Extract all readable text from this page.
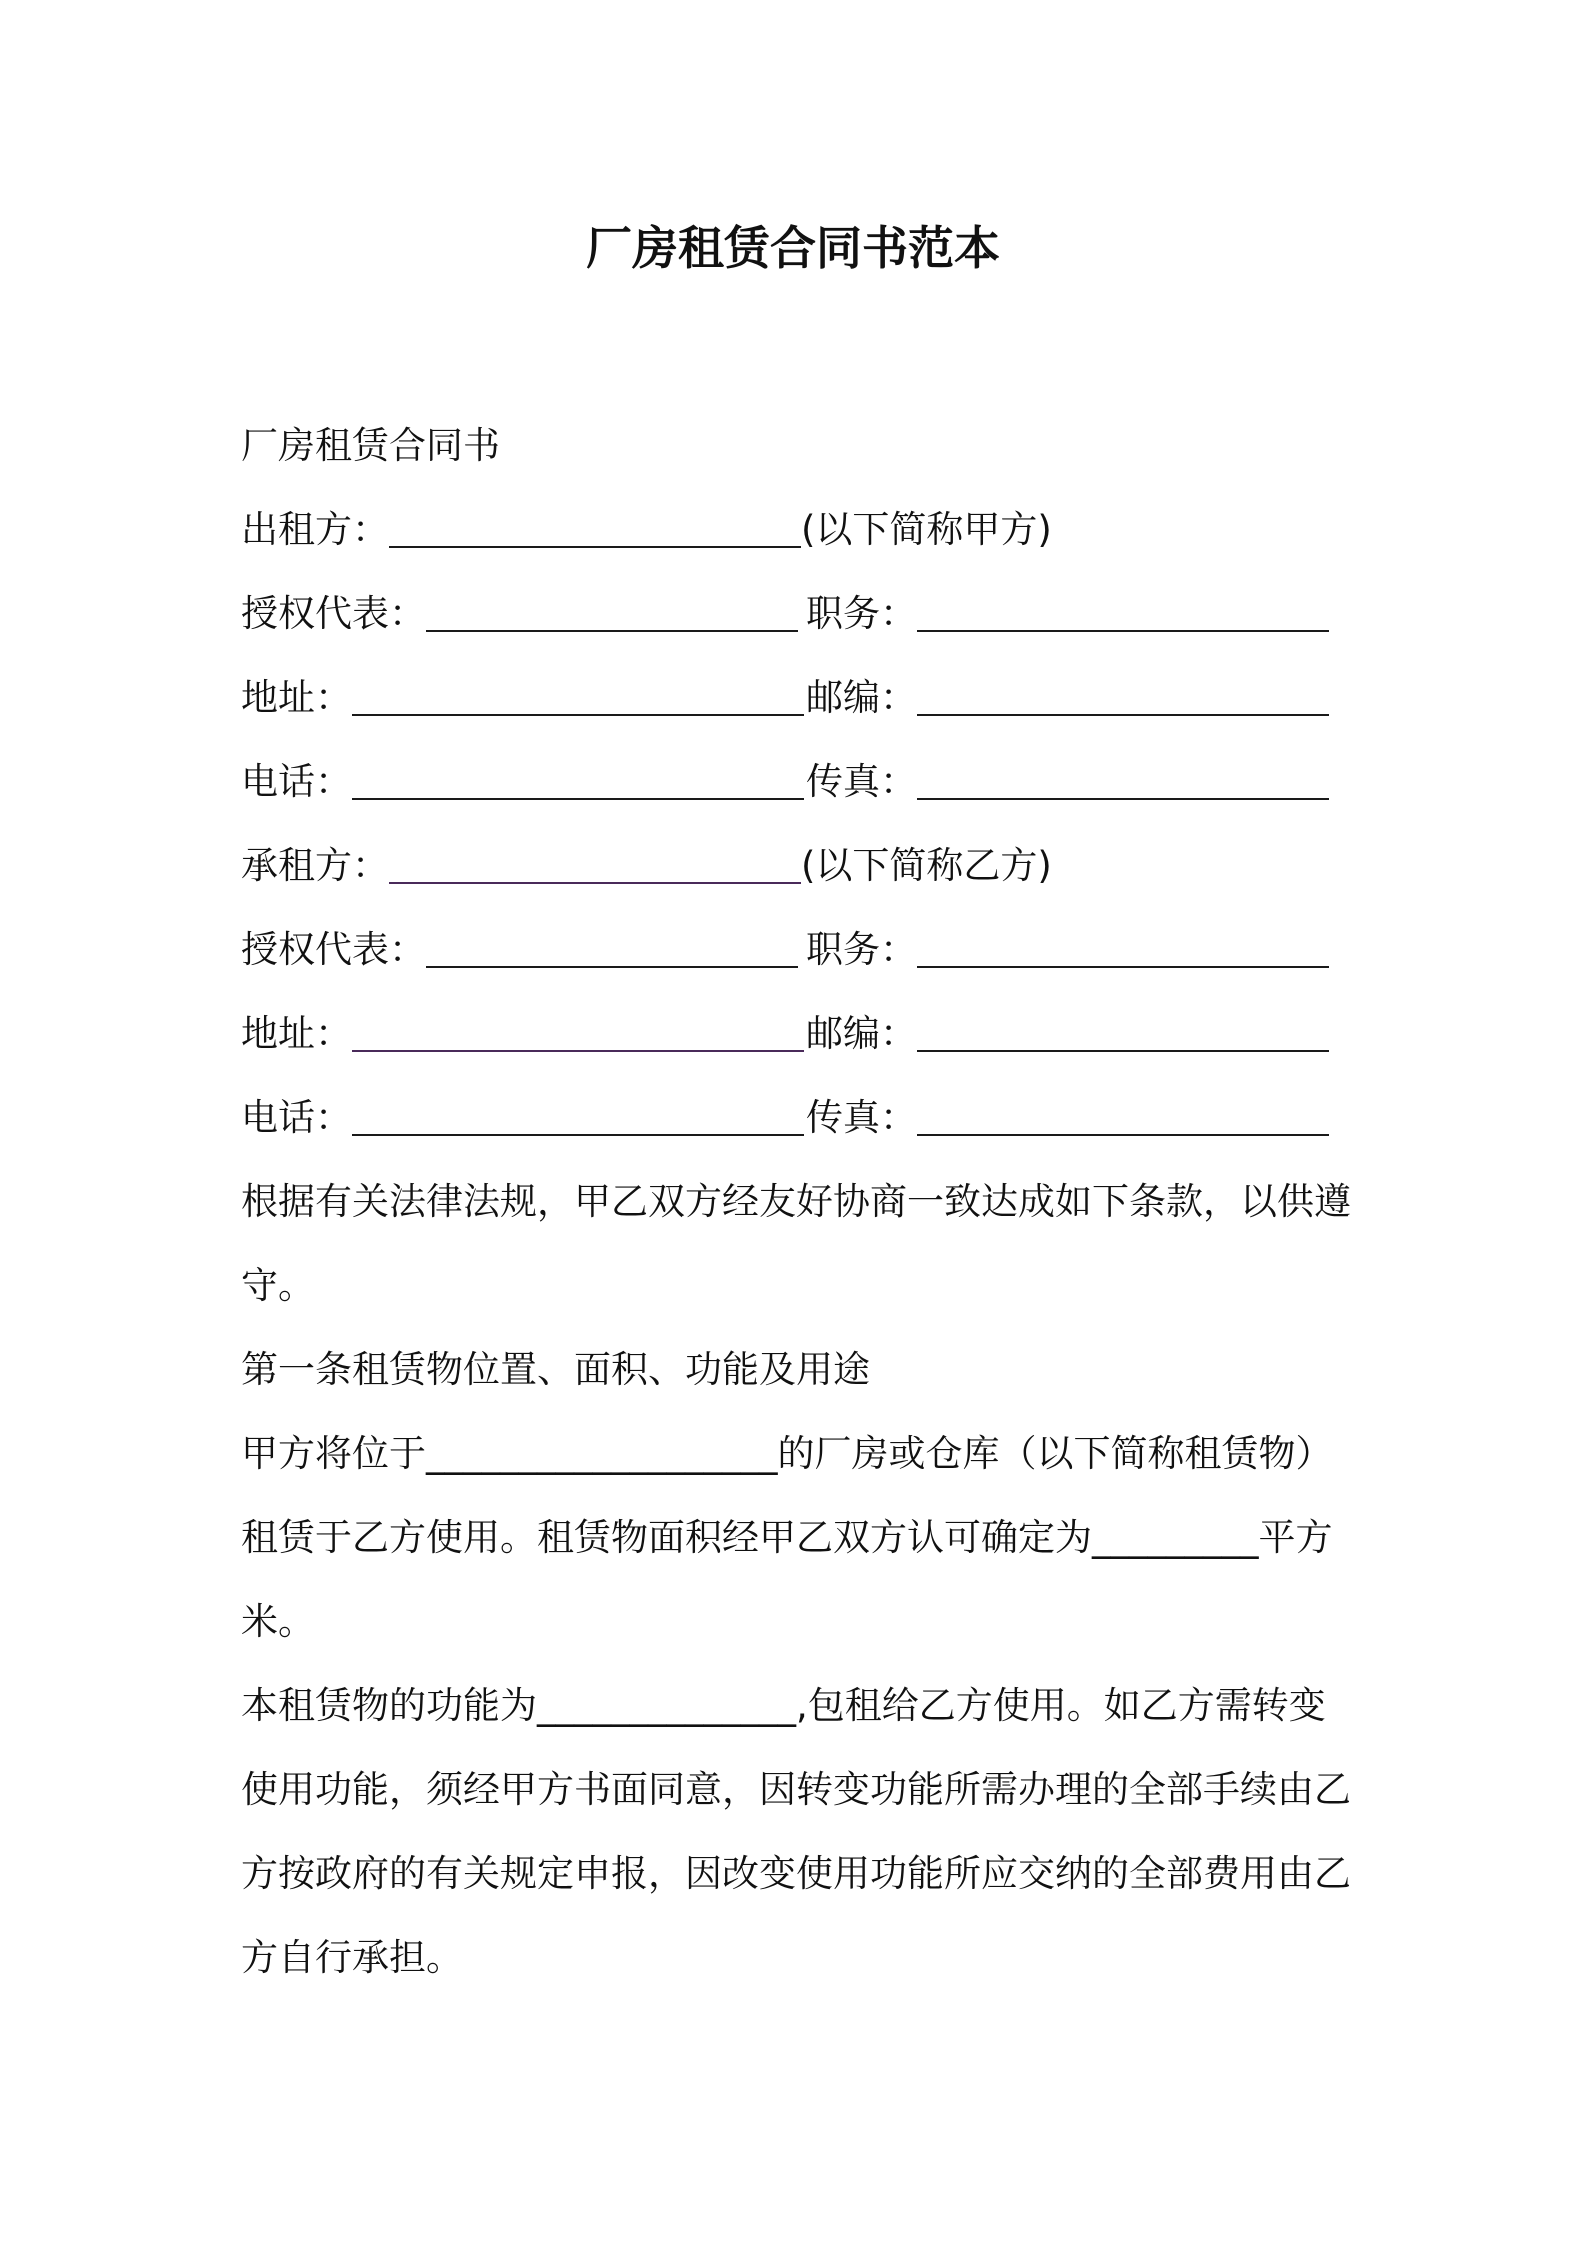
厂房租赁合同书范本
厂房租赁合同书
出租方：	(以下简称甲方)
授权代表：	职务：
地址：	邮编：
电话：	传真：
承租方：	(以下简称乙方)
授权代表：	职务：
地址：	邮编：
电话：	传真：
根据有关法律法规，甲乙双方经友好协商一致达成如下条款，以供遵守。
第一条租赁物位置、面积、功能及用途
甲方将位于___________________的厂房或仓库（以下简称租赁物）租赁于乙方使用。租赁物面积经甲乙双方认可确定为_________平方米。
本租赁物的功能为______________,包租给乙方使用。如乙方需转变使用功能，须经甲方书面同意，因转变功能所需办理的全部手续由乙方按政府的有关规定申报，因改变使用功能所应交纳的全部费用由乙方自行承担。
